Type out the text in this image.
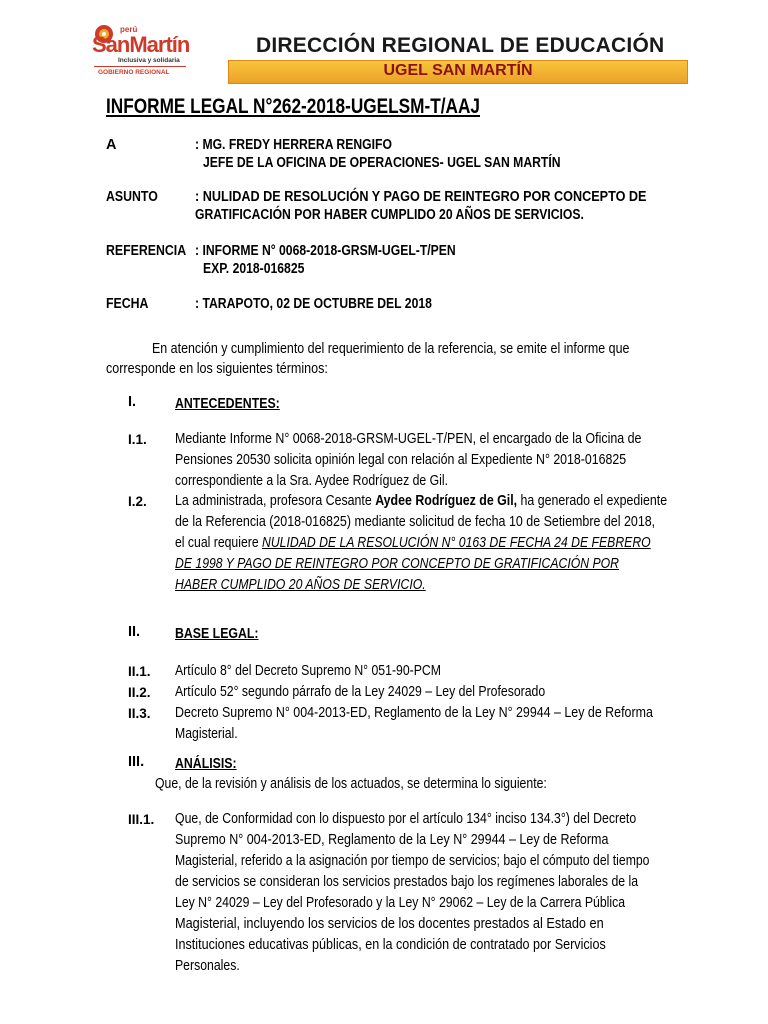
perú
SanMartín
Inclusiva y solidaria
GOBIERNO REGIONAL
DIRECCIÓN REGIONAL DE EDUCACIÓN
UGEL SAN MARTÍN
INFORME LEGAL N°262-2018-UGELSM-T/AAJ
A	: MG. FREDY HERRERA RENGIFO
JEFE DE LA OFICINA DE OPERACIONES- UGEL SAN MARTÍN
ASUNTO	: NULIDAD DE RESOLUCIÓN Y PAGO DE REINTEGRO POR CONCEPTO DE
GRATIFICACIÓN POR HABER CUMPLIDO 20 AÑOS DE SERVICIOS.
REFERENCIA : INFORME N° 0068-2018-GRSM-UGEL-T/PEN
EXP. 2018-016825
FECHA	: TARAPOTO, 02 DE OCTUBRE DEL 2018
En atención y cumplimiento del requerimiento de la referencia, se emite el informe que
corresponde en los siguientes términos:
I.	ANTECEDENTES:
I.1. Mediante Informe N° 0068-2018-GRSM-UGEL-T/PEN, el encargado de la Oficina de
Pensiones 20530 solicita opinión legal con relación al Expediente N° 2018-016825
correspondiente a la Sra. Aydee Rodríguez de Gil.
I.2. La administrada, profesora Cesante Aydee Rodríguez de Gil, ha generado el expediente
de la Referencia (2018-016825) mediante solicitud de fecha 10 de Setiembre del 2018,
el cual requiere NULIDAD DE LA RESOLUCIÓN N° 0163 DE FECHA 24 DE FEBRERO
DE 1998 Y PAGO DE REINTEGRO POR CONCEPTO DE GRATIFICACIÓN POR
HABER CUMPLIDO 20 AÑOS DE SERVICIO.
II. BASE LEGAL:
II.1. Artículo 8° del Decreto Supremo N° 051-90-PCM
II.2. Artículo 52° segundo párrafo de la Ley 24029 – Ley del Profesorado
II.3. Decreto Supremo N° 004-2013-ED, Reglamento de la Ley N° 29944 – Ley de Reforma
Magisterial.
III. ANÁLISIS:
Que, de la revisión y análisis de los actuados, se determina lo siguiente:
III.1. Que, de Conformidad con lo dispuesto por el artículo 134° inciso 134.3°) del Decreto
Supremo N° 004-2013-ED, Reglamento de la Ley N° 29944 – Ley de Reforma
Magisterial, referido a la asignación por tiempo de servicios; bajo el cómputo del tiempo
de servicios se consideran los servicios prestados bajo los regímenes laborales de la
Ley N° 24029 – Ley del Profesorado y la Ley N° 29062 – Ley de la Carrera Pública
Magisterial, incluyendo los servicios de los docentes prestados al Estado en
Instituciones educativas públicas, en la condición de contratado por Servicios
Personales.
